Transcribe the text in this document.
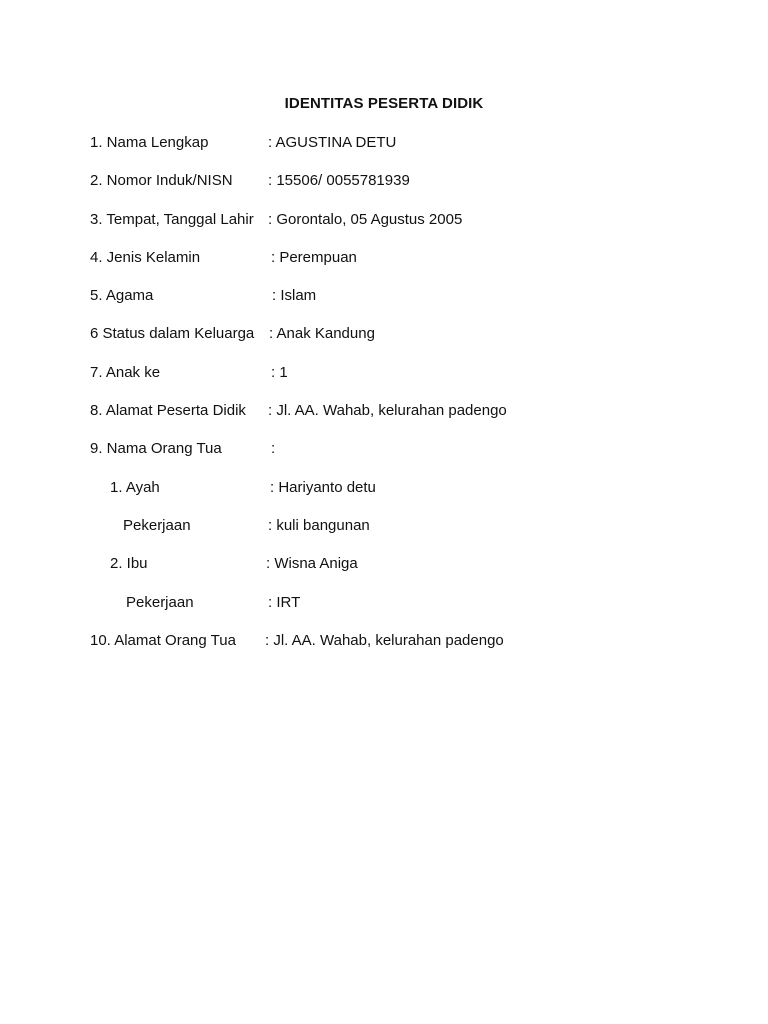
IDENTITAS PESERTA DIDIK
1. Nama Lengkap	: AGUSTINA DETU
2. Nomor Induk/NISN : 15506/ 0055781939
3. Tempat, Tanggal Lahir : Gorontalo, 05 Agustus 2005
4. Jenis Kelamin	: Perempuan
5. Agama	: Islam
6 Status dalam Keluarga : Anak Kandung
7. Anak ke	: 1
8. Alamat Peserta Didik : Jl. AA. Wahab, kelurahan padengo
9. Nama Orang Tua	:
1. Ayah	: Hariyanto detu
Pekerjaan	: kuli bangunan
2. Ibu	: Wisna Aniga
Pekerjaan	: IRT
10. Alamat Orang Tua : Jl. AA. Wahab, kelurahan padengo
